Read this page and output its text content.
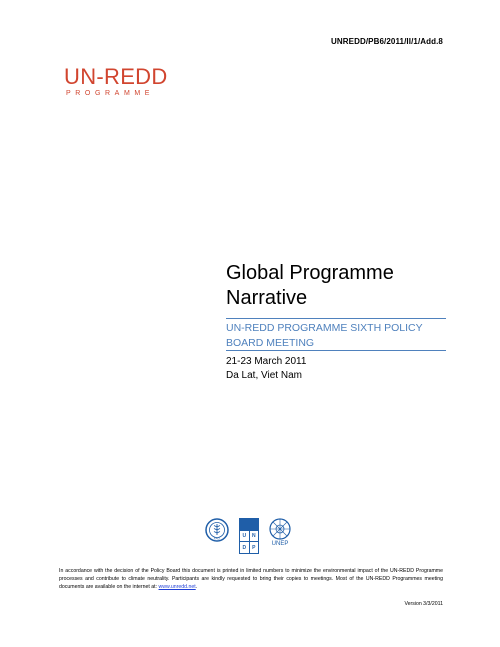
UNREDD/PB6/2011/II/1/Add.8
UN-REDD
PROGRAMME
Global Programme
Narrative
UN-REDD PROGRAMME SIXTH POLICY
BOARD MEETING
21-23 March 2011
Da Lat, Viet Nam
FAO	U	N
D	P
UNEP
In accordance with the decision of the Policy Board this document is printed in limited numbers to minimize the environmental impact of the UN-REDD Programme processes and contribute to climate neutrality. Participants are kindly requested to bring their copies to meetings. Most of the UN-REDD Programmes meeting documents are available on the internet at: www.unredd.net.
Version 3/3/2011
